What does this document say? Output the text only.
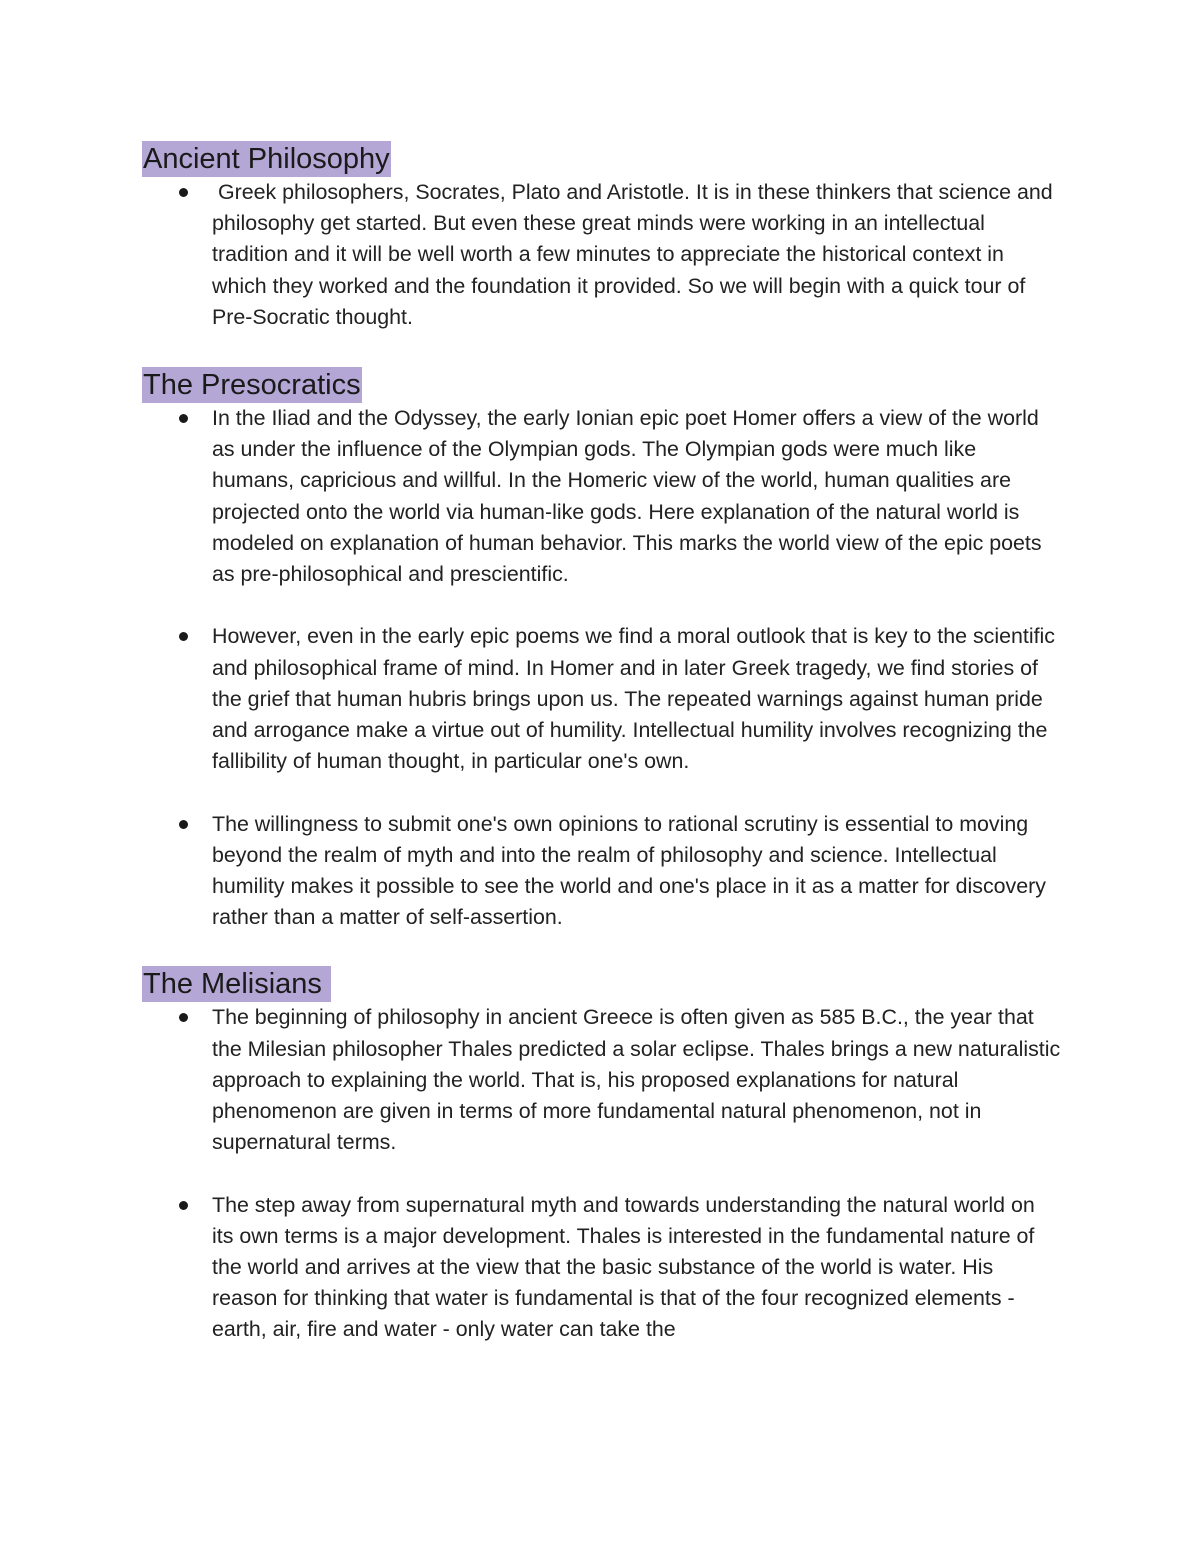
Ancient Philosophy
Greek philosophers, Socrates, Plato and Aristotle. It is in these thinkers that science and philosophy get started. But even these great minds were working in an intellectual tradition and it will be well worth a few minutes to appreciate the historical context in which they worked and the foundation it provided. So we will begin with a quick tour of Pre-Socratic thought.
The Presocratics
In the Iliad and the Odyssey, the early Ionian epic poet Homer offers a view of the world as under the influence of the Olympian gods. The Olympian gods were much like humans, capricious and willful. In the Homeric view of the world, human qualities are projected onto the world via human-like gods. Here explanation of the natural world is modeled on explanation of human behavior. This marks the world view of the epic poets as pre-philosophical and prescientific.
However, even in the early epic poems we find a moral outlook that is key to the scientific and philosophical frame of mind. In Homer and in later Greek tragedy, we find stories of the grief that human hubris brings upon us. The repeated warnings against human pride and arrogance make a virtue out of humility. Intellectual humility involves recognizing the fallibility of human thought, in particular one's own.
The willingness to submit one's own opinions to rational scrutiny is essential to moving beyond the realm of myth and into the realm of philosophy and science. Intellectual humility makes it possible to see the world and one's place in it as a matter for discovery rather than a matter of self-assertion.
The Melisians
The beginning of philosophy in ancient Greece is often given as 585 B.C., the year that the Milesian philosopher Thales predicted a solar eclipse. Thales brings a new naturalistic approach to explaining the world. That is, his proposed explanations for natural phenomenon are given in terms of more fundamental natural phenomenon, not in supernatural terms.
The step away from supernatural myth and towards understanding the natural world on its own terms is a major development. Thales is interested in the fundamental nature of the world and arrives at the view that the basic substance of the world is water. His reason for thinking that water is fundamental is that of the four recognized elements - earth, air, fire and water - only water can take the
